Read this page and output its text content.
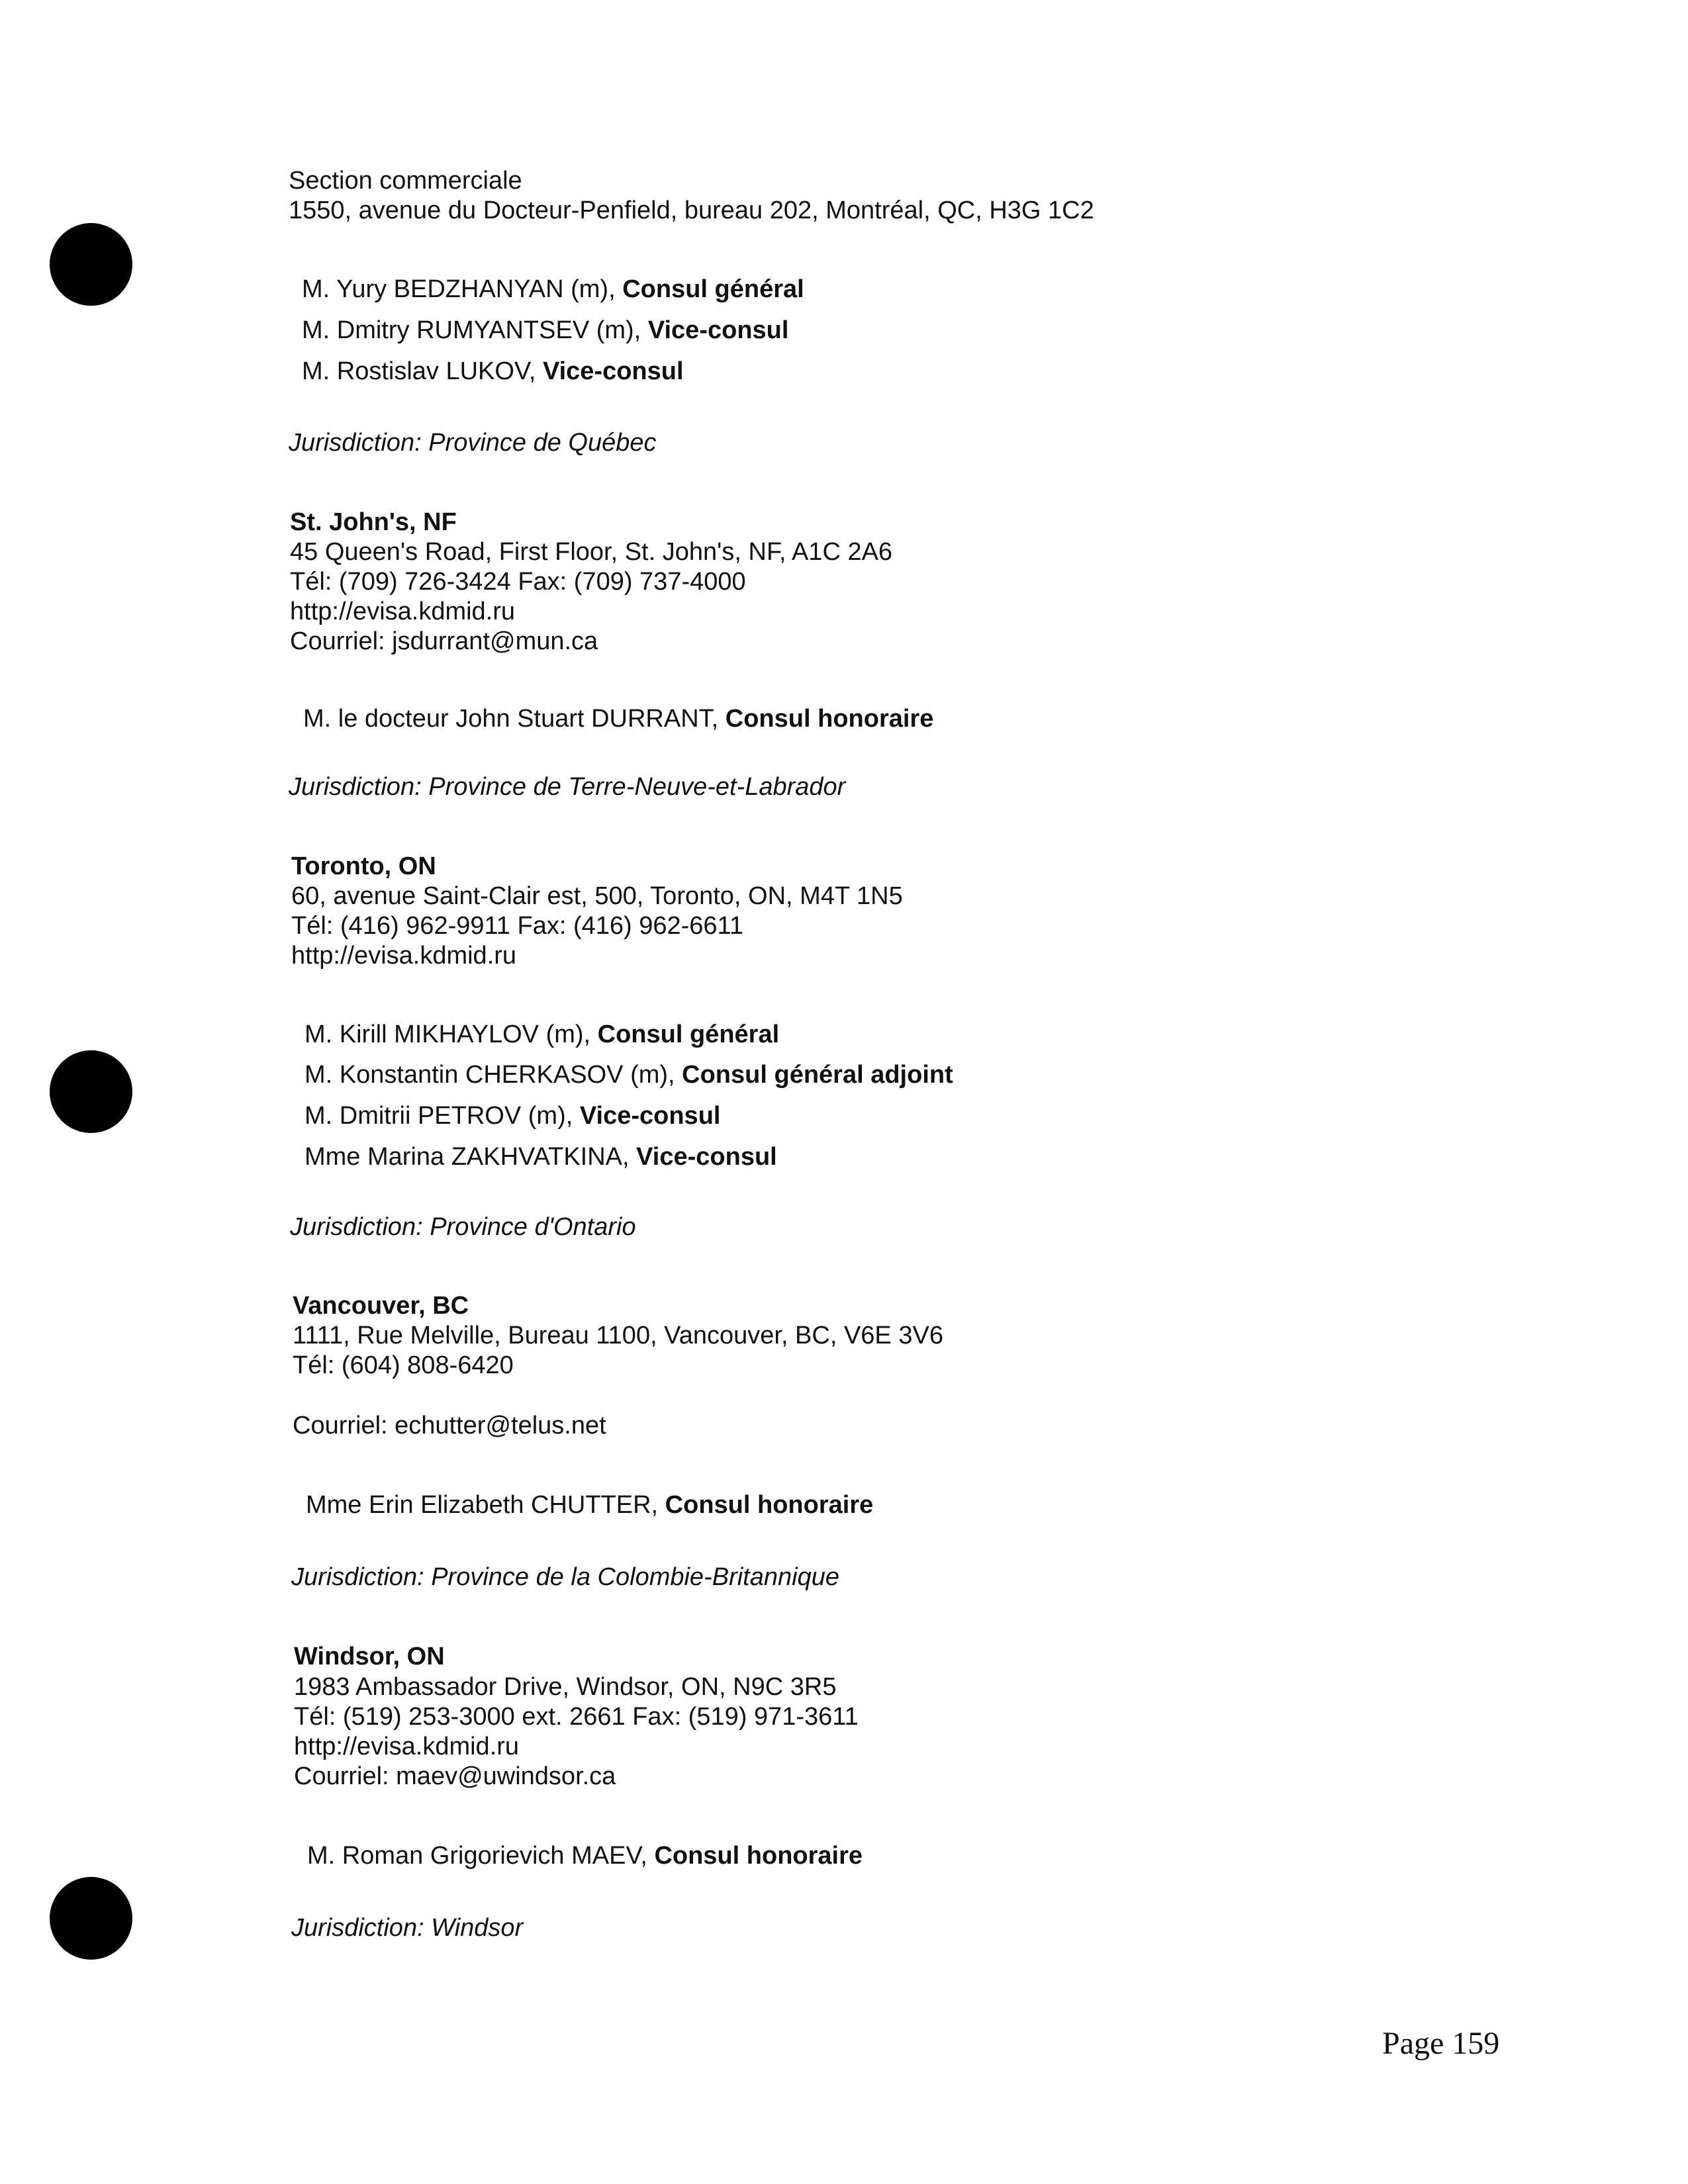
Section commerciale
1550, avenue du Docteur-Penfield, bureau 202, Montréal, QC, H3G 1C2
M. Yury BEDZHANYAN (m), Consul général
M. Dmitry RUMYANTSEV (m), Vice-consul
M. Rostislav LUKOV, Vice-consul
Jurisdiction: Province de Québec
St. John's, NF
45 Queen's Road, First Floor, St. John's, NF, A1C 2A6
Tél: (709) 726-3424 Fax: (709) 737-4000
http://evisa.kdmid.ru
Courriel: jsdurrant@mun.ca
M. le docteur John Stuart DURRANT, Consul honoraire
Jurisdiction: Province de Terre-Neuve-et-Labrador
Toronto, ON
60, avenue Saint-Clair est, 500, Toronto, ON, M4T 1N5
Tél: (416) 962-9911 Fax: (416) 962-6611
http://evisa.kdmid.ru
M. Kirill MIKHAYLOV (m), Consul général
M. Konstantin CHERKASOV (m), Consul général adjoint
M. Dmitrii PETROV (m), Vice-consul
Mme Marina ZAKHVATKINA, Vice-consul
Jurisdiction: Province d'Ontario
Vancouver, BC
1111, Rue Melville, Bureau 1100, Vancouver, BC, V6E 3V6
Tél: (604) 808-6420
Courriel: echutter@telus.net
Mme Erin Elizabeth CHUTTER, Consul honoraire
Jurisdiction: Province de la Colombie-Britannique
Windsor, ON
1983 Ambassador Drive, Windsor, ON, N9C 3R5
Tél: (519) 253-3000 ext. 2661 Fax: (519) 971-3611
http://evisa.kdmid.ru
Courriel: maev@uwindsor.ca
M. Roman Grigorievich MAEV, Consul honoraire
Jurisdiction: Windsor
Page 159
